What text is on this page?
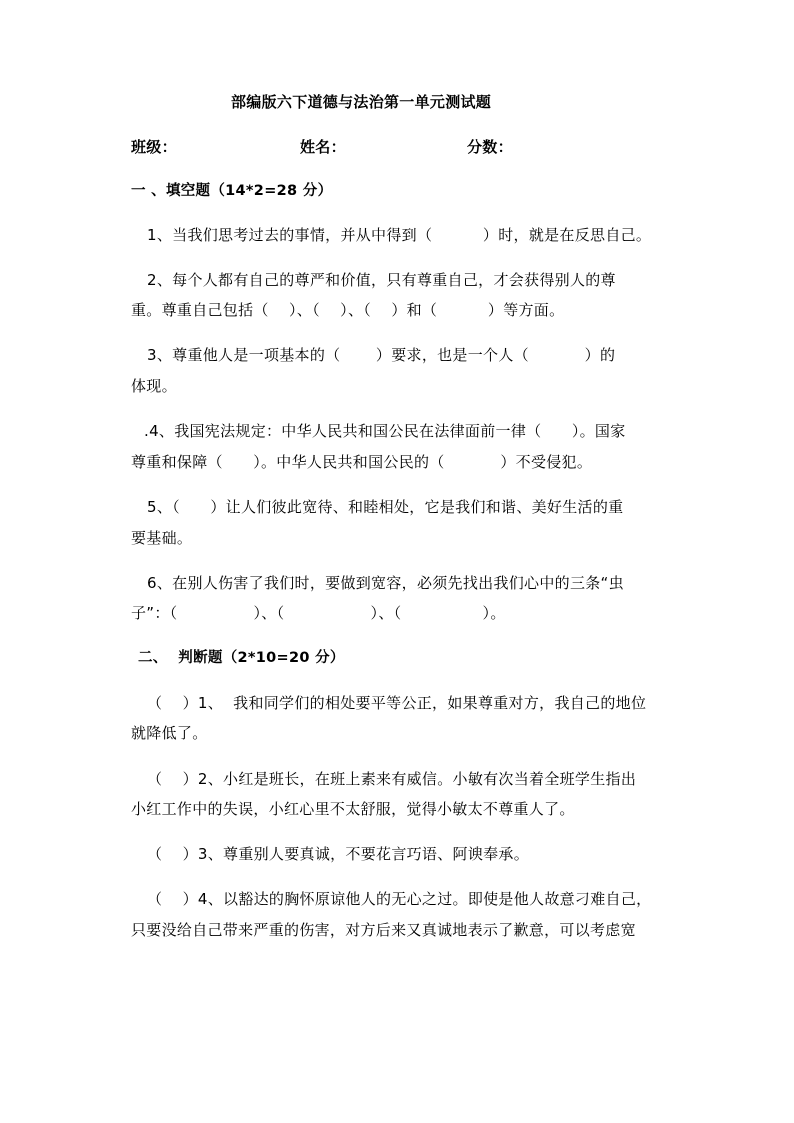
部编版六下道德与法治第一单元测试题
班级：	姓名：	分数：
一 、填空题（14*2=28 分）
1、当我们思考过去的事情，并从中得到（          ）时，就是在反思自己。
2、每个人都有自己的尊严和价值，只有尊重自己，才会获得别人的尊
重。尊重自己包括（    ）、（    ）、（    ）和（          ）等方面。
3、尊重他人是一项基本的（       ）要求，也是一个人（           ）的
体现。
.4、我国宪法规定：中华人民共和国公民在法律面前一律（      ）。国家
尊重和保障（      ）。中华人民共和国公民的（           ）不受侵犯。
5、（      ）让人们彼此宽待、和睦相处，它是我们和谐、美好生活的重
要基础。
6、在别人伤害了我们时，要做到宽容，必须先找出我们心中的三条“虫
子”：（               ）、（                 ）、（                ）。
二、  判断题（2*10=20 分）
（    ）1、  我和同学们的相处要平等公正，如果尊重对方，我自己的地位
就降低了。
（    ）2、小红是班长，在班上素来有威信。小敏有次当着全班学生指出
小红工作中的失误，小红心里不太舒服，觉得小敏太不尊重人了。
（    ）3、尊重别人要真诚，不要花言巧语、阿谀奉承。
（    ）4、以豁达的胸怀原谅他人的无心之过。即使是他人故意刁难自己，
只要没给自己带来严重的伤害，对方后来又真诚地表示了歉意，可以考虑宽
